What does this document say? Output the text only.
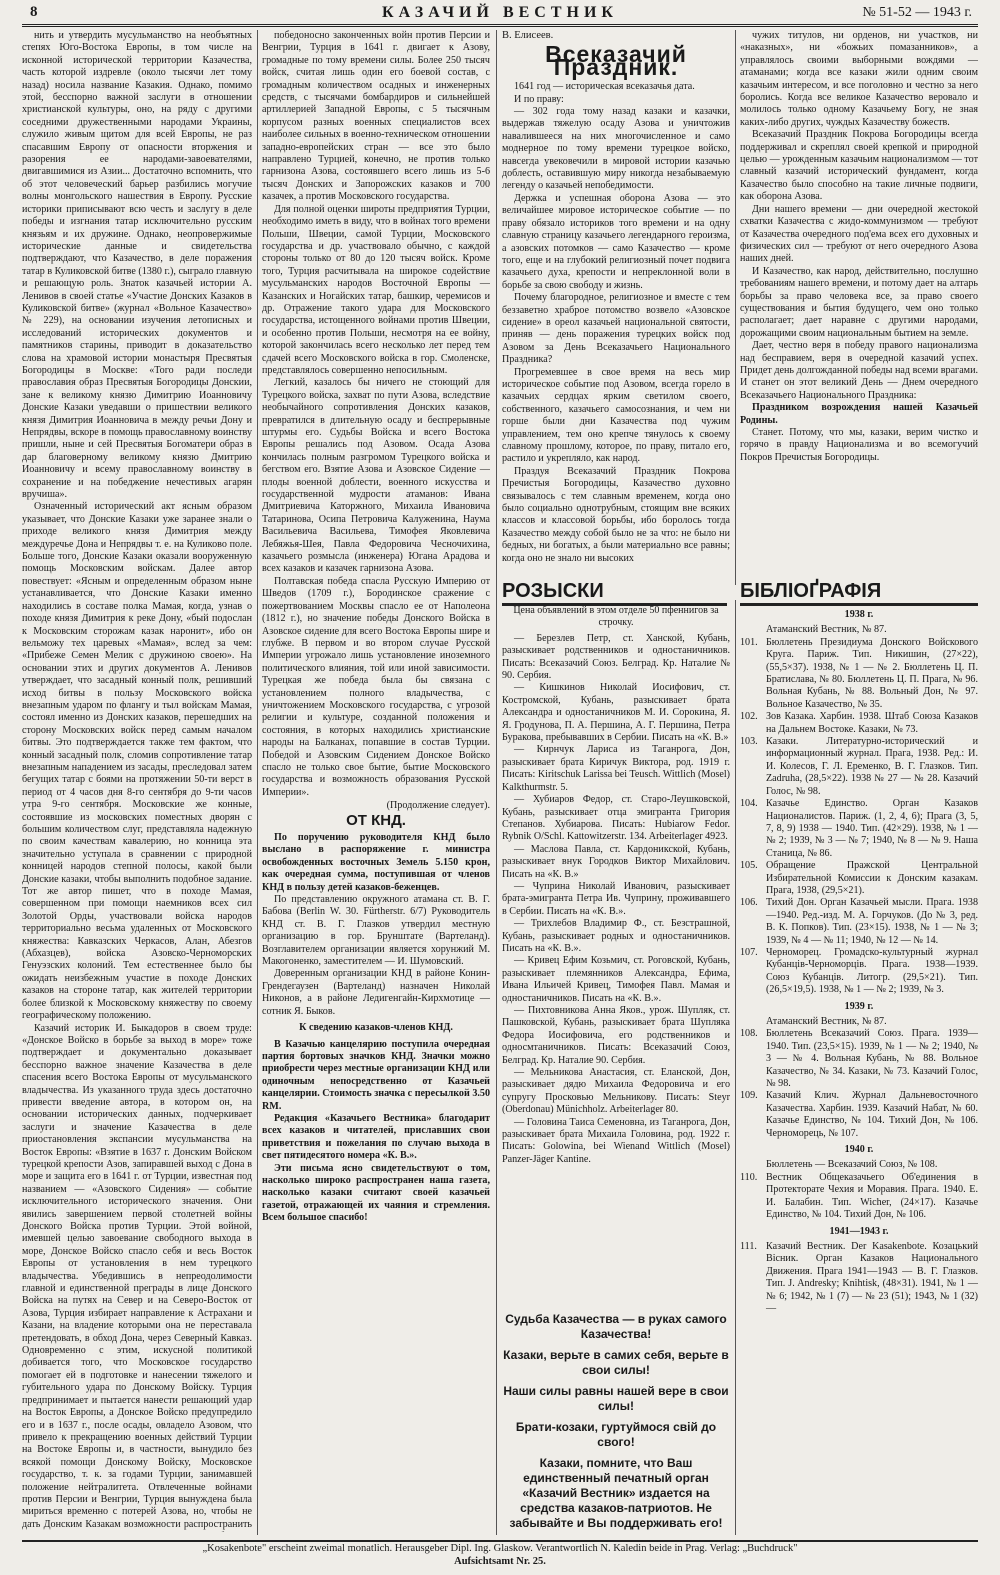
8	КАЗАЧИЙ ВЕСТНИК	№ 51-52 — 1943 г.

нить и утвердить мусульманство на необъятных степях Юго-Востока Европы, в том числе на исконной исторической территории Казачества, часть которой издревле (около тысячи лет тому назад) носила название Казакия. Однако, помимо этой, бесспорно важной заслуги в отношении христианской культуры, оно, на ряду с другими соседними дружественными народами Украины, служило живым щитом для всей Европы, не раз спасавшим Европу от опасности вторжения и разорения ее народами-завоевателями, двигавшимися из Азии... Достаточно вспомнить, что об этот человеческий барьер разбились могучие волны монгольского нашествия в Европу. Русские историки приписывают всю честь и заслугу в деле победы и изгнания татар исключительно русским князьям и их дружине. Однако, неопровержимые исторические данные и свидетельства подтверждают, что Казачество, в деле поражения татар в Куликовской битве (1380 г.), сыграло главную и решающую роль. Знаток казачьей истории А. Ленивов в своей статье «Участие Донских Казаков в Куликовской битве» (журнал «Вольное Казачество» № 229), на основании изучения летописных и исследований исторических документов и памятников старины, приводит в доказательство слова на храмовой истории монастыря Пресвятыя Богородицы в Москве: «Того ради последи православия образ Пресвятыя Богородицы Донскии, зане к великому князю Димитрию Иоанновичу Донские Казаки уведавши о пришествии великого князя Димитрия Иоанновича в между речьи Дону и Непрядвы, вскоре в помощь православному воинству пришли, ныне и сей Пресвятыя Богоматери образ в дар благоверному великому князю Дмитрию Иоанновичу и всему православному воинству в сохранение и на победжение нечестивых агарян вручиша».

Означенный исторический акт ясным образом указывает, что Донские Казаки уже заранее знали о приходе великого князя Димитрия между междуречье Дона и Непрядвы т. е. на Куликово поле. Больше того, Донские Казаки оказали вооруженную помощь Московским войскам. Далее автор повествует: «Ясным и определенным образом ныне устанавливается, что Донские Казаки именно находились в составе полка Мамая, когда, узнав о походе князя Димитрия к реке Дону, «бый подослан к Московским сторожам казак наронит», ибо он вельможу тех царевых «Мамая», вслед за чем: «Прибеже Семен Мелик с дружиною своею». На основании этих и других документов А. Ленивов утверждает, что засадный конный полк, решивший исход битвы в пользу Московского войска внезапным ударом по флангу и тыл войскам Мамая, состоял именно из Донских казаков, перешедших на сторону Московских войск перед самым началом битвы. Это подтверждается также тем фактом, что конный засадный полк, сломив сопротивление татар внезапным нападением из засады, преследовал затем бегущих татар с боями на протяжении 50-ти верст в период от 4 часов дня 8-го сентября до 9-ти часов утра 9-го сентября. Московские же конные, состоявшие из московских поместных дворян с большим количеством слуг, представляла надежную по своим качествам кавалерию, но конница эта значительно уступала в сравнении с природной конницей народов степной полосы, какой были Донские казаки, чтобы выполнить подобное задание. Тот же автор пишет, что в походе Мамая, совершенном при помощи наемников всех сил Золотой Орды, участвовали войска народов территориально весьма удаленных от Московского княжества: Кавказских Черкасов, Алан, Абезгов (Абхазцев), войска Азовско-Черноморских Генуэзских колоний. Тем естественнее было бы ожидать неизбежным участие в походе Донских казаков на стороне татар, как жителей территории более близкой к Московскому княжеству по своему географическому положению.

Казачий историк И. Быкадоров в своем труде: «Донское Войско в борьбе за выход в море» тоже подтверждает и документально доказывает бесспорно важное значение Казачества в деле спасения всего Востока Европы от мусульманского владычества. Из указанного труда здесь достаточно привести введение автора, в котором он, на основании исторических данных, подчеркивает заслуги и значение Казачества в деле приостановления экспансии мусульманства на Восток Европы: «Взятие в 1637 г. Донским Войском турецкой крепости Азов, запиравшей выход с Дона в море и защита его в 1641 г. от Турции, известная под названием — «Азовского Сидения» — событие исключительного исторического значения. Они явились завершением первой столетней войны Донского Войска против Турции. Этой войной, имевшей целью завоевание свободного выхода в море, Донское Войско спасло себя и весь Восток Европы от установления в нем турецкого владычества. Убедившись в непреодолимости главной и единственной преграды в лице Донского Войска на путях на Север и на Северо-Восток от Азова, Турция избирает направление к Астрахани и Казани, на владение которыми она не переставала претендовать, в обход Дона, через Северный Кавказ. Одновременно с этим, искусной политикой добивается того, что Московское государство помогает ей в подготовке и нанесении тяжелого и губительного удара по Донскому Войску. Турция предпринимает и пытается нанести решающий удар на Восток Европы, а Донское Войско предупредило его и в 1637 г., после осады, овладело Азовом, что привело к прекращению военных действий Турции на Востоке Европы и, в частности, вынудило без всякой помощи Донскому Войску, Московское государство, т. к. за годами Турции, занимавшей положение нейтралитета. Отвлеченные войнами против Персии и Венгрии, Турция вынуждена была мириться временно с потерей Азова, но, чтобы не дать Донским Казакам возможности распространить

победоносно законченных войн против Персии и Венгрии, Турция в 1641 г. двигает к Азову, громадные по тому времени силы. Более 250 тысяч войск, считая лишь один его боевой состав, с громадным количеством осадных и инженерных средств, с тысячами бомбардиров и сильнейшей артиллерией Западной Европы, с 5 тысячным корпусом разных военных специалистов всех наиболее сильных в военно-техническом отношении западно-европейских стран — все это было направлено Турцией, конечно, не против только гарнизона Азова, состоявшего всего лишь из 5-6 тысяч Донских и Запорожских казаков и 700 казачек, а против Московского государства.

Для полной оценки широты предприятия Турции, необходимо иметь в виду, что в войнах того времени Польши, Швеции, самой Турции, Московского государства и др. участвовало обычно, с каждой стороны только от 80 до 120 тысяч войск. Кроме того, Турция расчитывала на широкое содействие мусульманских народов Восточной Европы — Казанских и Ногайских татар, башкир, черемисов и др. Отражение такого удара для Московского государства, истощенного войнами против Швеции, и особенно против Польши, несмотря на ее войну, которой закончилась всего несколько лет перед тем сдачей всего Московского войска в гор. Смоленске, представлялось совершенно непосильным.

Легкий, казалось бы ничего не стоющий для Турецкого войска, захват по пути Азова, вследствие необычайного сопротивления Донских казаков, превратился в длительную осаду и беспрерывные штурмы его. Судьбы Войска и всего Востока Европы решались под Азовом. Осада Азова кончилась полным разгромом Турецкого войска и бегством его. Взятие Азова и Азовское Сидение — плоды военной доблести, военного искусства и государственной мудрости атаманов: Ивана Дмитриевича Каторжного, Михаила Ивановича Татаринова, Осипа Петровича Калуженина, Наума Васильевича Васильева, Тимофея Яковлевича Лебяжья-Шея, Павла Федоровича Чесночихина, казачьего розмысла (инженера) Югана Арадова и всех казаков и казачек гарнизона Азова.

Полтавская победа спасла Русскую Империю от Шведов (1709 г.), Бородинское сражение с пожертвованием Москвы спасло ее от Наполеона (1812 г.), но значение победы Донского Войска в Азовское сидение для всего Востока Европы шире и глубже. В первом и во втором случае Русской Империи угрожало лишь установление иноземного политического влияния, той или иной зависимости. Турецкая же победа была бы связана с установлением полного владычества, с уничтожением Московского государства, с угрозой религии и культуре, созданной положения и состояния, в которых находились христианские народы на Балканах, попавшие в состав Турции. Победой и Азовским Сидением Донское Войско спасло не только свое бытие, бытие Московского государства и возможность образования Русской Империи».

(Продолжение следует).
ОТ КНД.

По поручению руководителя КНД было выслано в распоряжение г. министра освобожденных восточных Земель 5.150 крон, как очередная сумма, поступившая от членов КНД в пользу детей казаков-беженцев.

По представлению окружного атамана ст. В. Г. Бабова (Berlin W. 30. Fürtherstr. 6/7) Руководитель КНД ст. В. Г. Глазков утвердил местную организацию в гор. Брунштате (Вартеланд). Возглавителем организации является хорунжий М. Макогоненко, заместителем — И. Шумовский.

Доверенным организации КНД в районе Конин-Грендегаузен (Вартеланд) назначен Николай Никонов, а в районе Ледигенгайн-Кирхмотице — сотник Я. Быков.

К сведению казаков-членов КНД.

В Казачью канцелярию поступила очередная партия бортовых значков КНД. Значки можно приобрести через местные организации КНД или одиночным непосредственно от Казачьей канцелярии. Стоимость значка с пересылкой 3.50 RM.

Редакция «Казачьего Вестника» благодарит всех казаков и читателей, приславших свои приветствия и пожелания по случаю выхода в свет пятидесятого номера «К. В.».

Эти письма ясно свидетельствуют о том, насколько широко распространен наша газета, насколько казаки считают своей казачьей газетой, отражающей их чаяния и стремления. Всем большое спасибо!

В. Елисеев.
Всеказачий Праздник.

1641 год — историческая всеказачья дата.

И по праву:

— 302 года тому назад казаки и казачки, выдержав тяжелую осаду Азова и уничтожив навалившееся на них многочисленное и само моднерное по тому времени турецкое войско, навсегда увековечили в мировой истории казачью доблесть, оставившую миру никогда незабываемую легенду о казачьей непобедимости.

Держка и успешная оборона Азова — это величайшее мировое историческое событие — по праву обязало историков того времени и на одну славную страницу казачьего легендарного героизма, а азовских потомков — само Казачество — кроме того, еще и на глубокий религиозный почет подвига казачьего духа, крепости и непреклонной воли в борьбе за свою свободу и жизнь.

Почему благородное, религиозное и вместе с тем беззаветно храброе потомство возвело «Азовское сидение» в ореол казачьей национальной святости, приняв — день поражения турецких войск под Азовом за День Всеказачьего Национального Праздника?

Прогремевшее в свое время на весь мир историческое событие под Азовом, всегда горело в казачьих сердцах ярким светилом своего, собственного, казачьего самосознания, и чем ни горше были дни Казачества под чужим управлением, тем оно крепче тянулось к своему славному прошлому, которое, по праву, питало его, растило и укрепляло, как народ.

Праздуя Всеказачий Праздник Покрова Пречистыя Богородицы, Казачество духовно связывалось с тем славным временем, когда оно было социально однотрубным, стоящим вне всяких классов и классовой борьбы, ибо боролось тогда Казачество между собой было не за что: не было ни бедных, ни богатых, а были материально все равны; когда оно не знало ни высоких

чужих титулов, ни орденов, ни участков, ни «наказных», ни «божьих помазанников», а управлялось своими выборными вождями — атаманами; когда все казаки жили одним своим казачьим интересом, и все поголовно и честно за него боролись. Когда все великое Казачество веровало и молилось только одному Казачьему Богу, не зная каких-либо других, чуждых Казачеству божеств.

Всеказачий Праздник Покрова Богородицы всегда поддерживал и скреплял своей крепкой и природной целью — урожденным казачьим национализмом — тот славный казачий исторический фундамент, когда Казачество было способно на такие личные подвиги, как оборона Азова.

Дни нашего времени — дни очередной жестокой схватки Казачества с жидо-коммунизмом — требуют от Казачества очередного под'ема всех его духовных и физических сил — требуют от него очередного Азова наших дней.

И Казачество, как народ, действительно, послушно требованиям нашего времени, и потому дает на алтарь борьбы за право человека все, за право своего существования и бытия будущего, чем оно только располагает; дает наравне с другими народами, дорожащими своим национальным бытием на земле.

Дает, честно веря в победу правого национализма над бесправием, веря в очередной казачий успех. Придет день долгожданной победы над всеми врагами. И станет он этот великий День — Днем очередного Всеказачьего Национального Праздника:

Праздником возрождения нашей Казачьей Родины.

Станет. Потому, что мы, казаки, верим чистко и горячо в правду Национализма и во всемогучий Покров Пречистыя Богородицы.

РОЗЫСКИ	БIБЛIОҐРАФIЯ
Цена объявлений в этом отделе 50 пфеннигов за строчку.

— Березлев Петр, ст. Ханской, Кубань, разыскивает родственников и одностаничников. Писать: Всеказачий Союз. Белград. Кр. Наталие № 90. Сербия.

— Кишкинов Николай Иосифович, ст. Костромской, Кубань, разыскивает брата Александра и одностаничников М. И. Сорокина, Я. Я. Гродунова, П. А. Першина, А. Г. Першина, Петра Буракова, пребывавших в Сербии. Писать на «К. В.»

— Кирнчук Лариса из Таганрога, Дон, разыскивает брата Киричук Виктора, род. 1919 г. Писать: Kiritschuk Larissa bei Teusch. Wittlich (Mosel) Kalkthurmstr. 5.

— Хубиаров Федор, ст. Старо-Леушковской, Кубань, разыскивает отца эмигранта Григория Степанов. Хубиарова. Писать: Hubiarow Fedor. Rybnik O/Schl. Kattowitzerstr. 134. Arbeiterlager 4923.

— Маслова Павла, ст. Кардоникской, Кубань, разыскивает внук Городков Виктор Михайлович. Писать на «К. В.»

— Чуприна Николай Иванович, разыскивает брата-эмигранта Петра Ив. Чуприну, проживавшего в Сербии. Писать на «К. В.».

— Трихлебов Владимир Ф., ст. Безстрашной, Кубань, разыскивает родных и одностаничников. Писать на «К. В.».

— Кривец Ефим Козьмич, ст. Роговской, Кубань, разыскивает племянников Александра, Ефима, Ивана Ильичей Кривец, Тимофея Павл. Мамая и одностаничников. Писать на «К. В.».

— Пихтовникова Анна Яков., урож. Шупляк, ст. Пашковской, Кубань, разыскивает брата Шупляка Федора Иосифовича, его родственников и односмтаничников. Писать: Всеказачий Союз, Белград. Кр. Наталие 90. Сербия.

— Мельникова Анастасия, ст. Еланской, Дон, разыскивает дядю Михаила Федоровича и его супругу Просковью Мельникову. Писать: Steyr (Oberdonau) Münichholz. Arbeiterlager 80.

— Головина Таиса Семеновна, из Таганрога, Дон, разыскивает брата Михаила Головина, род. 1922 г. Писать: Golowina, bei Wienand Wittlich (Mosel) Panzer-Jäger Kantine.

Судьба Казачества — в руках самого Казачества!
Казаки, верьте в самих себя, верьте в свои силы!
Наши силы равны нашей вере в свои силы!
Брати-козаки, гуртуймося свiй до свого!
Казаки, помните, что Ваш единственный печатный орган «Казачий Вестник» издается на средства казаков-патриотов. Не забывайте и Вы поддерживать его!
1938 г.
Атаманский Вестник, № 87.
101. Бюллетень Президиума Донского Войскового Круга. Париж. Тип. Никишин, (27×22), (55,5×37). 1938, № 1 — № 2. Бюллетень Ц. П. Братислава, № 80. Бюллетень Ц. П. Прага, № 96. Вольная Кубань, № 88. Вольный Дон, № 97. Вольное Казачество, № 35.
102. Зов Казака. Харбин. 1938. Штаб Союза Казаков на Дальнем Востоке. Казаки, № 73.
103. Казаки. Литературно-исторический и информационный журнал. Прага, 1938. Ред.: И. И. Колесов, Г. Л. Еременко, В. Г. Глазков. Тип. Zadruha, (28,5×22). 1938 № 27 — № 28. Казачий Голос, № 98.
104. Казачье Единство. Орган Казаков Националистов. Париж. (1, 2, 4, 6); Прага (3, 5, 7, 8, 9) 1938 — 1940. Тип. (42×29). 1938, № 1 — № 2; 1939, № 3 — № 7; 1940, № 8 — № 9. Наша Станица, № 86.
105. Обращение Пражской Центральной Избирательной Комиссии к Донским казакам. Прага, 1938, (29,5×21).
106. Тихий Дон. Орган Казачьей мысли. Прага. 1938—1940. Ред.-изд. М. А. Горчуков. (До № 3, ред. В. К. Попков). Тип. (23×15). 1938, № 1 — № 3; 1939, № 4 — № 11; 1940, № 12 — № 14.
107. Черноморец. Громадско-культурный журнал Кубанцiв-Черноморцiв. Прага. 1938—1939. Союз Кубанцiв. Литогр. (29,5×21). Тип. (26,5×19,5). 1938, № 1 — № 2; 1939, № 3.
1939 г.
Атаманский Вестник, № 87.
108. Бюллетень Всеказачий Союз. Прага. 1939—1940. Тип. (23,5×15). 1939, № 1 — № 2; 1940, № 3 — № 4. Вольная Кубань, № 88. Вольное Казачество, № 34. Казаки, № 73. Казачий Голос, № 98.
109. Казачий Клич. Журнал Дальневосточного Казачества. Харбин. 1939. Казачий Набат, № 60. Казачье Единство, № 104. Тихий Дон, № 106. Черноморець, № 107.
1940 г.
Бюллетень — Всеказачий Союз, № 108.
110. Вестник Общеказачьего Об'единения в Протекторате Чехия и Моравия. Прага. 1940. Е. И. Балабин. Тип. Wicher, (24×17). Казачье Единство, № 104. Тихий Дон, № 106.
1941—1943 г.
111. Казачий Вестник. Der Kasakenbote. Козацький Вiсник. Орган Казаков Национального Движения. Прага 1941—1943 — В. Г. Глазков. Тип. J. Andresky; Knihtisk, (48×31). 1941, № 1 — № 6; 1942, № 1 (7) — № 23 (51); 1943, № 1 (32) —
„Kosakenbote" erscheint zweimal monatlich. Herausgeber Dipl. Ing. Glaskow. Verantwortlich N. Kaledin beide in Prag. Verlag: „Buchdruck"
Aufsichtsamt Nr. 25.
